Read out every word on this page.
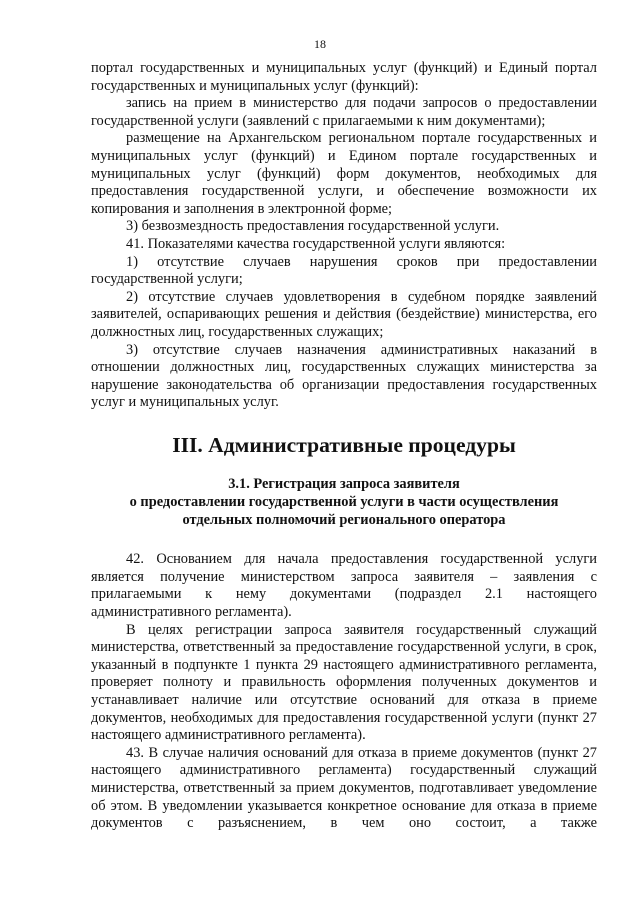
18

портал государственных и муниципальных услуг (функций) и Единый портал государственных и муниципальных услуг (функций):

запись на прием в министерство для подачи запросов о предоставлении государственной услуги (заявлений с прилагаемыми к ним документами);

размещение на Архангельском региональном портале государственных и муниципальных услуг (функций) и Едином портале государственных и муниципальных услуг (функций) форм документов, необходимых для предоставления государственной услуги, и обеспечение возможности их копирования и заполнения в электронной форме;

3) безвозмездность предоставления государственной услуги.

41. Показателями качества государственной услуги являются:

1) отсутствие случаев нарушения сроков при предоставлении государственной услуги;

2) отсутствие случаев удовлетворения в судебном порядке заявлений заявителей, оспаривающих решения и действия (бездействие) министерства, его должностных лиц, государственных служащих;

3) отсутствие случаев назначения административных наказаний в отношении должностных лиц, государственных служащих министерства за нарушение законодательства об организации предоставления государственных услуг и муниципальных услуг.

III. Административные процедуры
3.1. Регистрация запроса заявителя
о предоставлении государственной услуги в части осуществления
отдельных полномочий регионального оператора

42. Основанием для начала предоставления государственной услуги является получение министерством запроса заявителя – заявления с прилагаемыми к нему документами (подраздел 2.1 настоящего административного регламента).

В целях регистрации запроса заявителя государственный служащий министерства, ответственный за предоставление государственной услуги, в срок, указанный в подпункте 1 пункта 29 настоящего административного регламента, проверяет полноту и правильность оформления полученных документов и устанавливает наличие или отсутствие оснований для отказа в приеме документов, необходимых для предоставления государственной услуги (пункт 27 настоящего административного регламента).

43. В случае наличия оснований для отказа в приеме документов (пункт 27 настоящего административного регламента) государственный служащий министерства, ответственный за прием документов, подготавливает уведомление об этом. В уведомлении указывается конкретное основание для отказа в приеме документов с разъяснением, в чем оно состоит, а также
